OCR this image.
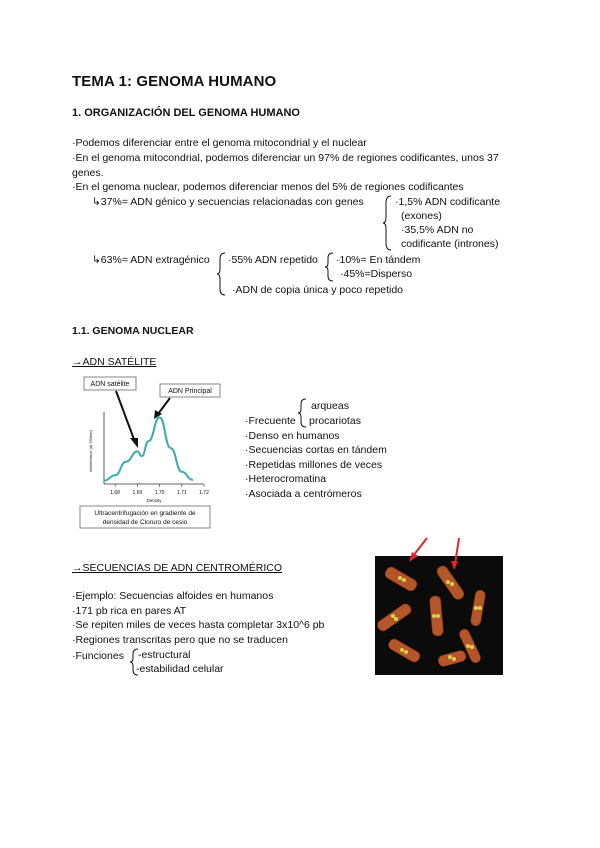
TEMA 1: GENOMA HUMANO
1. ORGANIZACIÓN DEL GENOMA HUMANO
·Podemos diferenciar entre el genoma mitocondrial y el nuclear
·En el genoma mitocondrial, podemos diferenciar un 97% de regiones codificantes, unos 37
genes.
·En el genoma nuclear, podemos diferenciar menos del 5% de regiones codificantes
↳37%= ADN génico y secuencias relacionadas con genes	·1,5% ADN codificante
(exones)
·35,5% ADN no
codificante (intrones)
↳63%= ADN extragénico ·55% ADN repetido ·10%= En tándem
·45%=Disperso
·ADN de copia única y poco repetido
1.1. GENOMA NUCLEAR
→ADN SATÉLITE
ADN satélite
ADN Principal
Absorbance (at 260nm)
1.68 1.69 1.70 1.71 1.72
Density
Ultracentrifugación en gradiente de
densidad de Cloruro de cesio
·Frecuente
arqueas
procariotas
·Denso en humanos
·Secuencias cortas en tándem
·Repetidas millones de veces
·Heterocromatina
·Asociada a centrómeros
→SECUENCIAS DE ADN CENTROMÉRICO
·Ejemplo: Secuencias alfoides en humanos
·171 pb rica en pares AT
·Se repiten miles de veces hasta completar 3x10^6 pb
·Regiones transcritas pero que no se traducen
·Funciones -estructural
-estabilidad celular
